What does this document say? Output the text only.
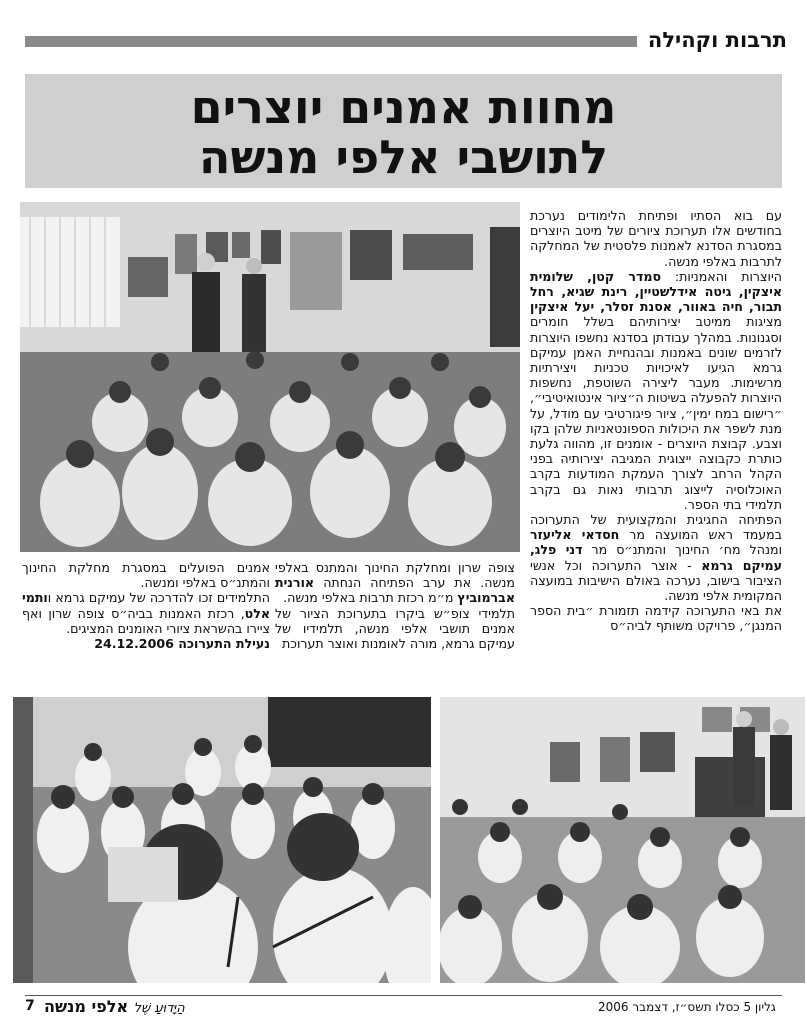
תרבות וקהילה
מחוות אמנים יוצרים
לתושבי אלפי מנשה

עם בוא הסתיו ופתיחת הלימודים נערכת בחודשים אלו תערוכת ציורים של מיטב היוצרים במסגרת הסדנא לאמנות פלסטית של המחלקה לתרבות באלפי מנשה.

היוצרות והאמניות: סמדר קטן, שלומית איצקין, גיטה אידלשטיין, רינת שגיא, רחל תבור, חיה באוור, אסנת זסלר, יעל איצקין מציגות ממיטב יצירותיהם בשלל חומרים וסגנונות. במהלך עבודתן בסדנא נחשפו היוצרות לזרמים שונים באמנות ובהנחיית האמן עמיקם גרמא הגיעו לאיכויות טכניות ויצירתיות מרשימות. מעבר ליצירה השוטפת, נחשפות היוצרות להפעלה בשיטות ה״ציור אינטואיטיבי״, ״רישום במח ימין״, ציור פיגורטיבי עם מודל, על מנת לשפר את היכולות הספונטאניות שלהן בקו וצבע. קבוצת היוצרים - אומנים זו, מהווה גלעת כותרת כקבוצה ייצוגית המגיבה יצירותיה בפני הקהל הרחב לצורך העמקת המודעות בקרב האוכלוסיה לייצוג תרבותי נאות גם בקרב תלמידי בתי הספר.

הפתיחה החגיגית והמקצועית של התערוכה במעמד ראש המועצה מר חסדאי אליעזר ומנהל מח׳ החינוך והמתנ״ס מר דני פלג, עמיקם גרמא - אוצר התערוכה וכל אנשי הציבור בישוב, נערכה באולם הישיבות במועצה המקומית אלפי מנשה.

את באי התערוכה קידמה תזמורת ״בית הספר המנגן״, פרויקט משותף לביה״ס

צופה שרון ומחלקת החינוך והמתנס באלפי מנשה. את ערב הפתיחה הנחתה אורנית אברמוביץ מ״מ רכזת תרבות באלפי מנשה.

תלמידי צופ״ש ביקרו בתערוכת הציור של אמנים תושבי אלפי מנשה, תלמידיו של עמיקם גרמא, מורה לאומנות ואוצר תערוכת

אמנים הפועלים במסגרת מחלקת החינוך והמתנ״ס באלפי ומנשה.

התלמידים זכו להדרכה של עמיקם גרמא וותמי אלט, רכזת האמנות בביה״ס צופה שרון ואף ציירו בהשראת ציורי האומנים המציגים.

נעילת התערוכה 24.12.2006

18 12 2006
7	הַיָּדוּעַ שֶׁל אלפי מנשה	גליון 5 כסלו תשס״ז, דצמבר 2006
